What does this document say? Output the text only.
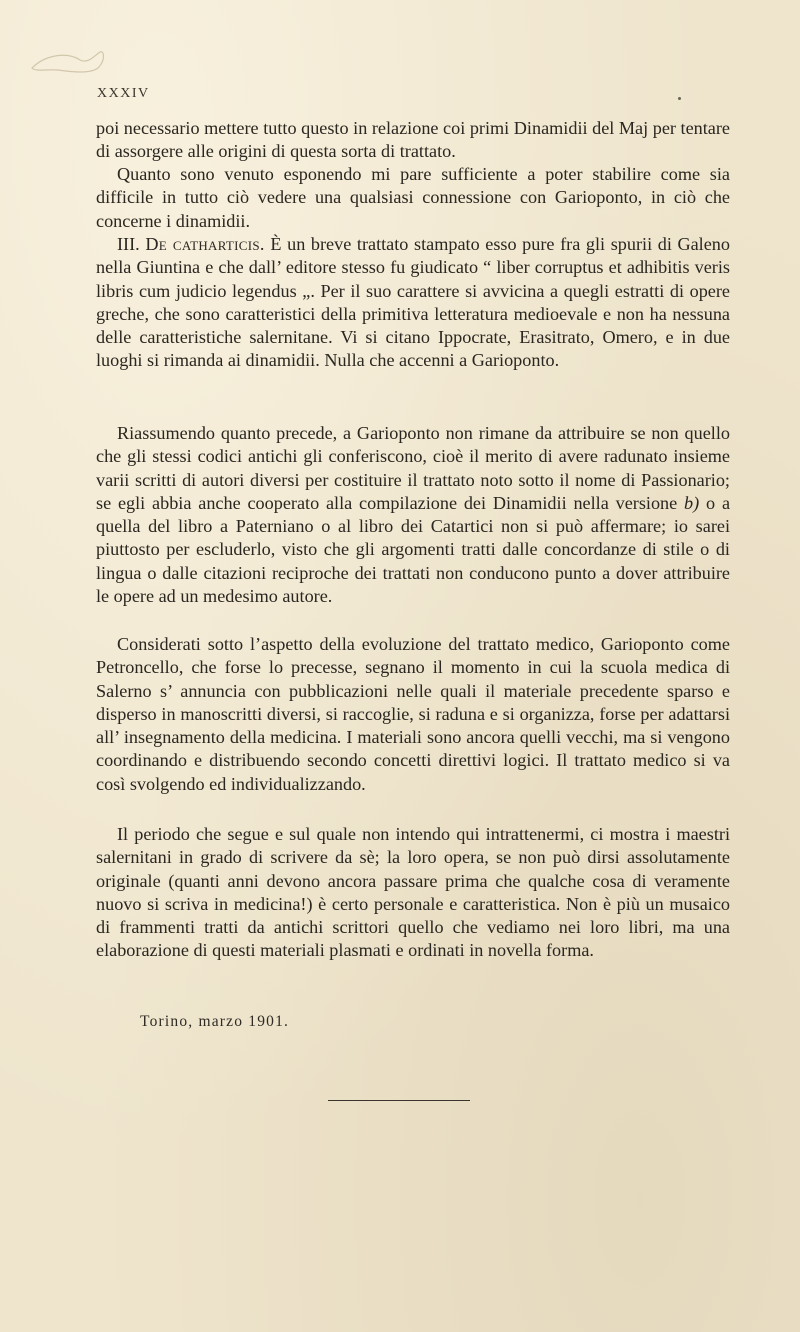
XXXIV

poi necessario mettere tutto questo in relazione coi primi Dinamidii del Maj per tentare di assorgere alle origini di questa sorta di trattato.

Quanto sono venuto esponendo mi pare sufficiente a poter stabilire come sia difficile in tutto ciò vedere una qualsiasi connessione con Garioponto, in ciò che concerne i dinamidii.

III. De catharticis. È un breve trattato stampato esso pure fra gli spurii di Galeno nella Giuntina e che dall’ editore stesso fu giudicato “ liber corruptus et adhibitis veris libris cum judicio legendus „. Per il suo carattere si avvicina a quegli estratti di opere greche, che sono caratteristici della primitiva letteratura medioevale e non ha nessuna delle caratteristiche salernitane. Vi si citano Ippocrate, Erasitrato, Omero, e in due luoghi si rimanda ai dinamidii. Nulla che accenni a Garioponto.

Riassumendo quanto precede, a Garioponto non rimane da attribuire se non quello che gli stessi codici antichi gli conferiscono, cioè il merito di avere radunato insieme varii scritti di autori diversi per costituire il trattato noto sotto il nome di Passionario; se egli abbia anche cooperato alla compilazione dei Dinamidii nella versione b) o a quella del libro a Paterniano o al libro dei Catartici non si può affermare; io sarei piuttosto per escluderlo, visto che gli argomenti tratti dalle concordanze di stile o di lingua o dalle citazioni reciproche dei trattati non conducono punto a dover attribuire le opere ad un medesimo autore.

Considerati sotto l’aspetto della evoluzione del trattato medico, Garioponto come Petroncello, che forse lo precesse, segnano il momento in cui la scuola medica di Salerno s’ annuncia con pubblicazioni nelle quali il materiale precedente sparso e disperso in manoscritti diversi, si raccoglie, si raduna e si organizza, forse per adattarsi all’ insegnamento della medicina. I materiali sono ancora quelli vecchi, ma si vengono coordinando e distribuendo secondo concetti direttivi logici. Il trattato medico si va così svolgendo ed individualizzando.

Il periodo che segue e sul quale non intendo qui intrattenermi, ci mostra i maestri salernitani in grado di scrivere da sè; la loro opera, se non può dirsi assolutamente originale (quanti anni devono ancora passare prima che qualche cosa di veramente nuovo si scriva in medicina!) è certo personale e caratteristica. Non è più un musaico di frammenti tratti da antichi scrittori quello che vediamo nei loro libri, ma una elaborazione di questi materiali plasmati e ordinati in novella forma.

Torino, marzo 1901.
